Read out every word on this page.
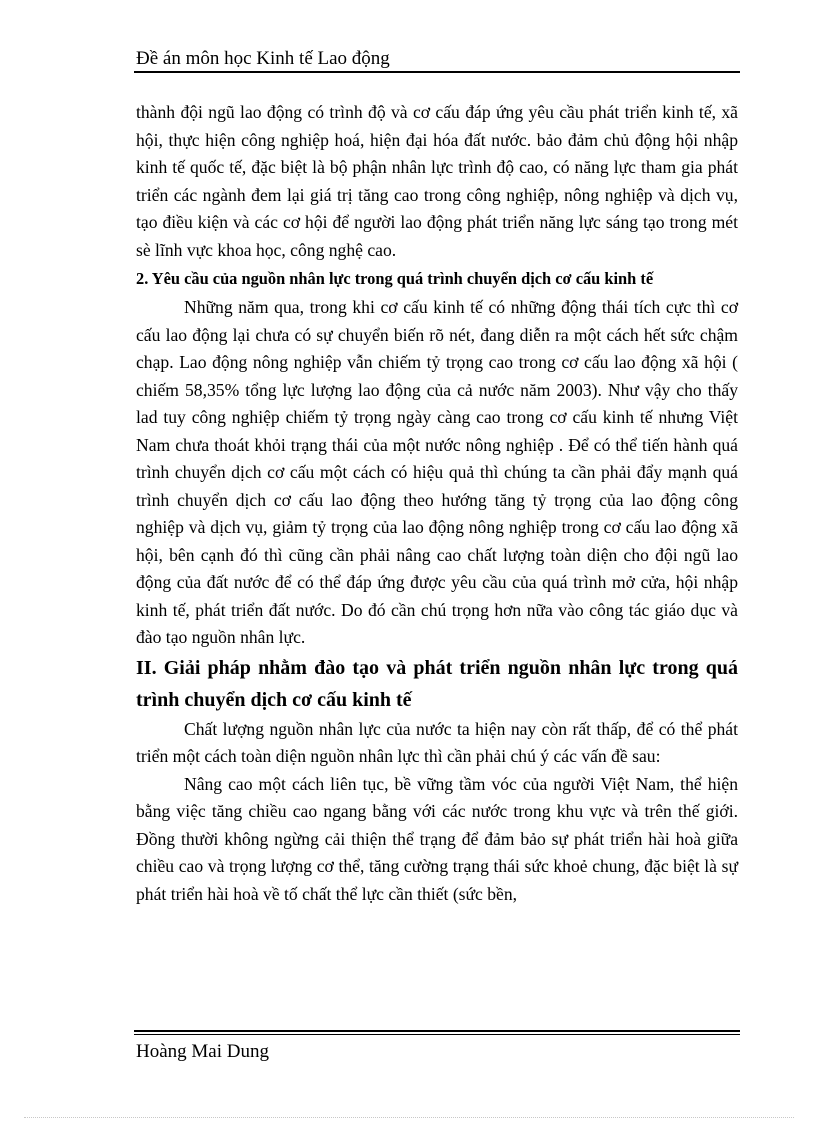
Đề án môn học Kinh tế Lao động

thành đội ngũ lao động có trình độ và cơ cấu đáp ứng yêu cầu phát triển kinh tế, xã hội, thực hiện công nghiệp hoá, hiện đại hóa đất nước. bảo đảm chủ động hội nhập kinh tế quốc tế, đặc biệt là bộ phận nhân lực trình độ cao, có năng lực tham gia phát triển các ngành đem lại giá trị tăng cao trong công nghiệp, nông nghiệp và dịch vụ, tạo điều kiện và các cơ hội để người lao động phát triển năng lực sáng tạo trong mét sè lĩnh vực khoa học, công nghệ cao.

2. Yêu cầu của nguồn nhân lực trong quá trình chuyển dịch cơ cấu kinh tế

Những năm qua, trong khi cơ cấu kinh tế có những động thái tích cực thì cơ cấu lao động lại chưa có sự chuyển biến rõ nét, đang diễn ra một cách hết sức chậm chạp. Lao động nông nghiệp vẫn chiếm tỷ trọng cao trong cơ cấu lao động xã hội ( chiếm 58,35% tổng lực lượng lao động của cả nước năm 2003). Như vậy cho thấy lad tuy công nghiệp chiếm tỷ trọng ngày càng cao trong cơ cấu kinh tế nhưng Việt Nam chưa thoát khỏi trạng thái của một nước nông nghiệp . Để có thể tiến hành quá trình chuyển dịch cơ cấu một cách có hiệu quả thì chúng ta cần phải đẩy mạnh quá trình chuyển dịch cơ cấu lao động theo hướng tăng tỷ trọng của lao động công nghiệp và dịch vụ, giảm tỷ trọng của lao động nông nghiệp trong cơ cấu lao động xã hội, bên cạnh đó thì cũng cần phải nâng cao chất lượng toàn diện cho đội ngũ lao động của đất nước để có thể đáp ứng được yêu cầu của quá trình mở cửa, hội nhập kinh tế, phát triển đất nước. Do đó cần chú trọng hơn nữa vào công tác giáo dục và đào tạo nguồn nhân lực.

II. Giải pháp nhằm đào tạo và phát triển nguồn nhân lực trong quá trình chuyển dịch cơ cấu kinh tế

Chất lượng nguồn nhân lực của nước ta hiện nay còn rất thấp, để có thể phát triển một cách toàn diện nguồn nhân lực thì cần phải chú ý các vấn đề sau:

Nâng cao một cách liên tục, bề vững tầm vóc của người Việt Nam, thể hiện bằng việc tăng chiều cao ngang bằng với các nước trong khu vực và trên thế giới. Đồng thười không ngừng cải thiện thể trạng để đảm bảo sự phát triển hài hoà giữa chiều cao và trọng lượng cơ thể, tăng cường trạng thái sức khoẻ chung, đặc biệt là sự phát triển hài hoà về tố chất thể lực cần thiết (sức bền,

Hoàng Mai Dung
